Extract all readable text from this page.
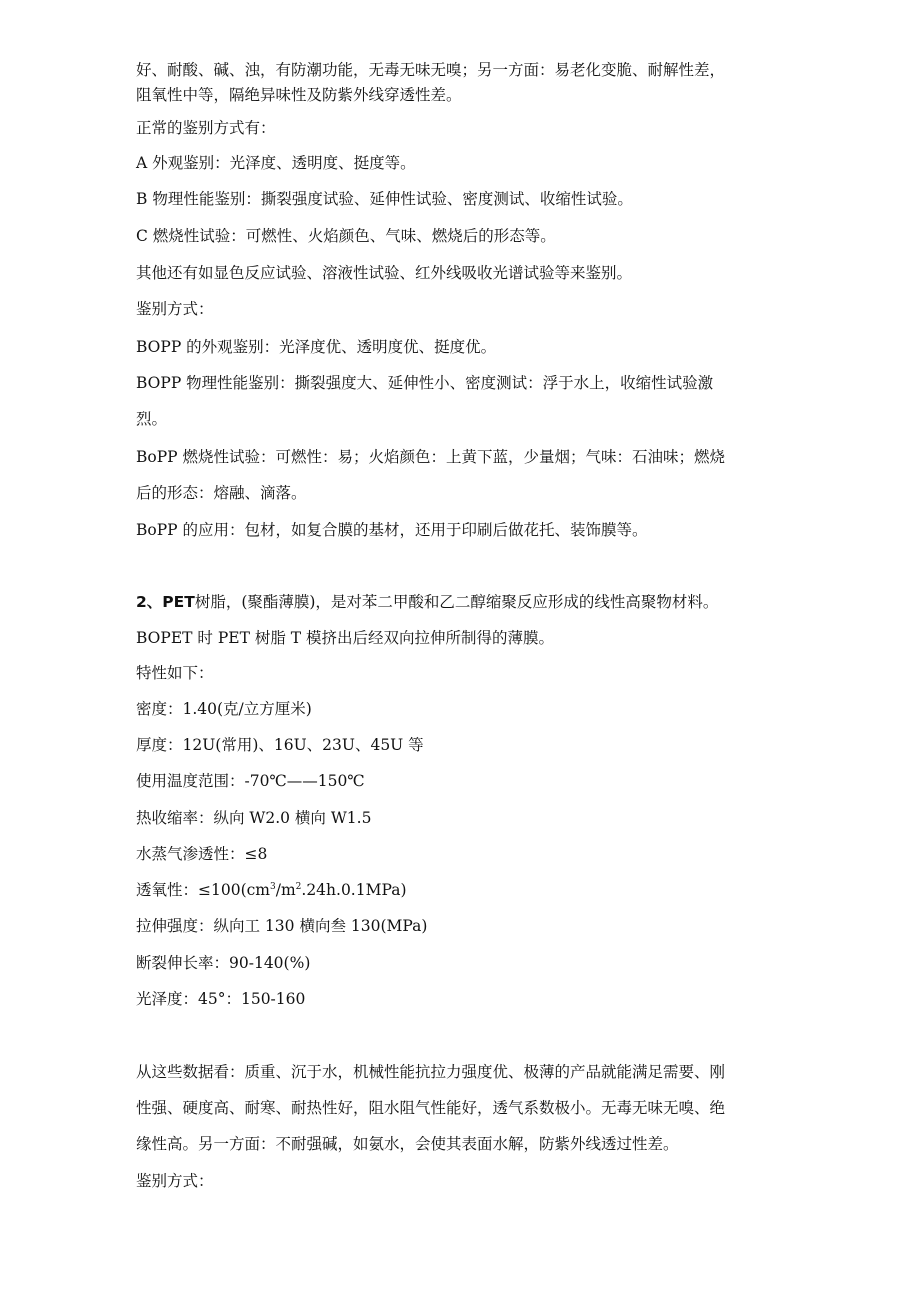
好、耐酸、碱、浊，有防潮功能，无毒无味无嗅；另一方面：易老化变脆、耐解性差，

阻氧性中等，隔绝异味性及防紫外线穿透性差。

正常的鉴别方式有：

A 外观鉴别：光泽度、透明度、挺度等。

B 物理性能鉴别：撕裂强度试验、延伸性试验、密度测试、收缩性试验。

C 燃烧性试验：可燃性、火焰颜色、气味、燃烧后的形态等。

其他还有如显色反应试验、溶液性试验、红外线吸收光谱试验等来鉴别。

鉴别方式：

BOPP 的外观鉴别：光泽度优、透明度优、挺度优。

BOPP 物理性能鉴别：撕裂强度大、延伸性小、密度测试：浮于水上，收缩性试验激

烈。

BoPP 燃烧性试验：可燃性：易；火焰颜色：上黄下蓝，少量烟；气味：石油味；燃烧

后的形态：熔融、滴落。

BoPP 的应用：包材，如复合膜的基材，还用于印刷后做花托、装饰膜等。

2、PET树脂，(聚酯薄膜)，是对苯二甲酸和乙二醇缩聚反应形成的线性高聚物材料。

BOPET 时 PET 树脂 T 模挤出后经双向拉伸所制得的薄膜。

特性如下：

密度：1.40(克/立方厘米)

厚度：12U(常用)、16U、23U、45U 等

使用温度范围：-70℃——150℃

热收缩率：纵向 W2.0 横向 W1.5

水蒸气渗透性：≤8

透氧性：$\le 100(cm^3/m^2.24h.0.1MPa)$

拉伸强度：纵向工 130 横向叁 130(MPa)

断裂伸长率：90-140(%)

光泽度：45°：150-160

从这些数据看：质重、沉于水，机械性能抗拉力强度优、极薄的产品就能满足需要、刚

性强、硬度高、耐寒、耐热性好，阻水阻气性能好，透气系数极小。无毒无味无嗅、绝

缘性高。另一方面：不耐强碱，如氨水，会使其表面水解，防紫外线透过性差。

鉴别方式：
